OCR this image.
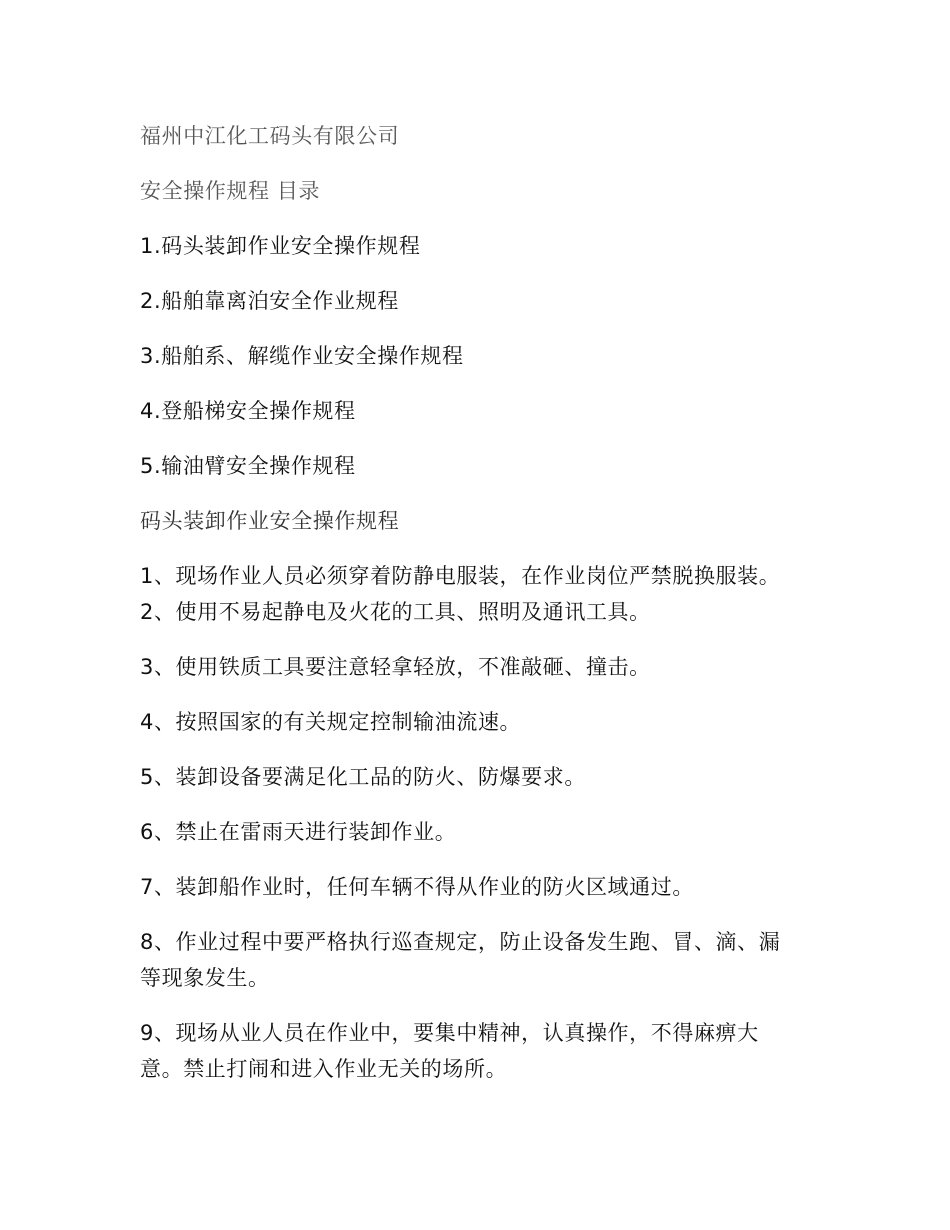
福州中江化工码头有限公司
安全操作规程 目录
1.码头装卸作业安全操作规程
2.船舶靠离泊安全作业规程
3.船舶系、解缆作业安全操作规程
4.登船梯安全操作规程
5.输油臂安全操作规程
码头装卸作业安全操作规程
1、现场作业人员必须穿着防静电服装，在作业岗位严禁脱换服装。 2、使用不易起静电及火花的工具、照明及通讯工具。
3、使用铁质工具要注意轻拿轻放，不准敲砸、撞击。
4、按照国家的有关规定控制输油流速。
5、装卸设备要满足化工品的防火、防爆要求。
6、禁止在雷雨天进行装卸作业。
7、装卸船作业时，任何车辆不得从作业的防火区域通过。
8、作业过程中要严格执行巡查规定，防止设备发生跑、冒、滴、漏等现象发生。
9、现场从业人员在作业中，要集中精神，认真操作，不得麻痹大意。禁止打闹和进入作业无关的场所。
